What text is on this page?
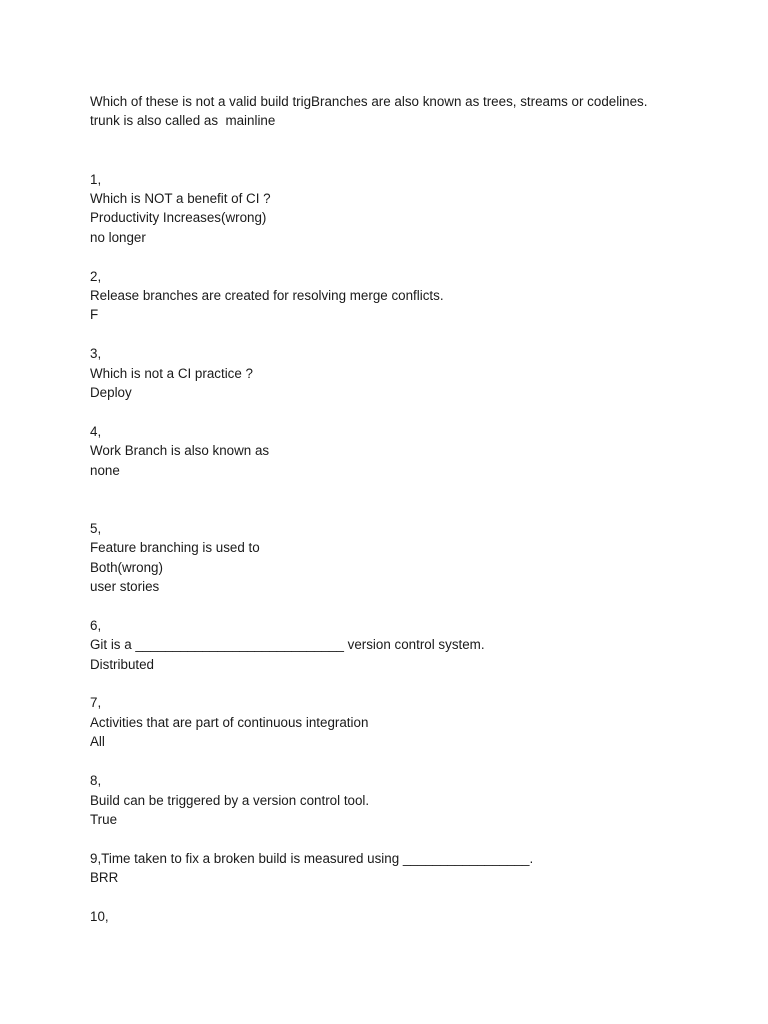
Which of these is not a valid build trigBranches are also known as trees, streams or codelines.
trunk is also called as  mainline
1,
Which is NOT a benefit of CI ?
Productivity Increases(wrong)
no longer
2,
Release branches are created for resolving merge conflicts.
F
3,
Which is not a CI practice ?
Deploy
4,
Work Branch is also known as
none
5,
Feature branching is used to
Both(wrong)
user stories
6,
Git is a ____________________________ version control system.
Distributed
7,
Activities that are part of continuous integration
All
8,
Build can be triggered by a version control tool.
True
9,Time taken to fix a broken build is measured using _________________.
BRR
10,
